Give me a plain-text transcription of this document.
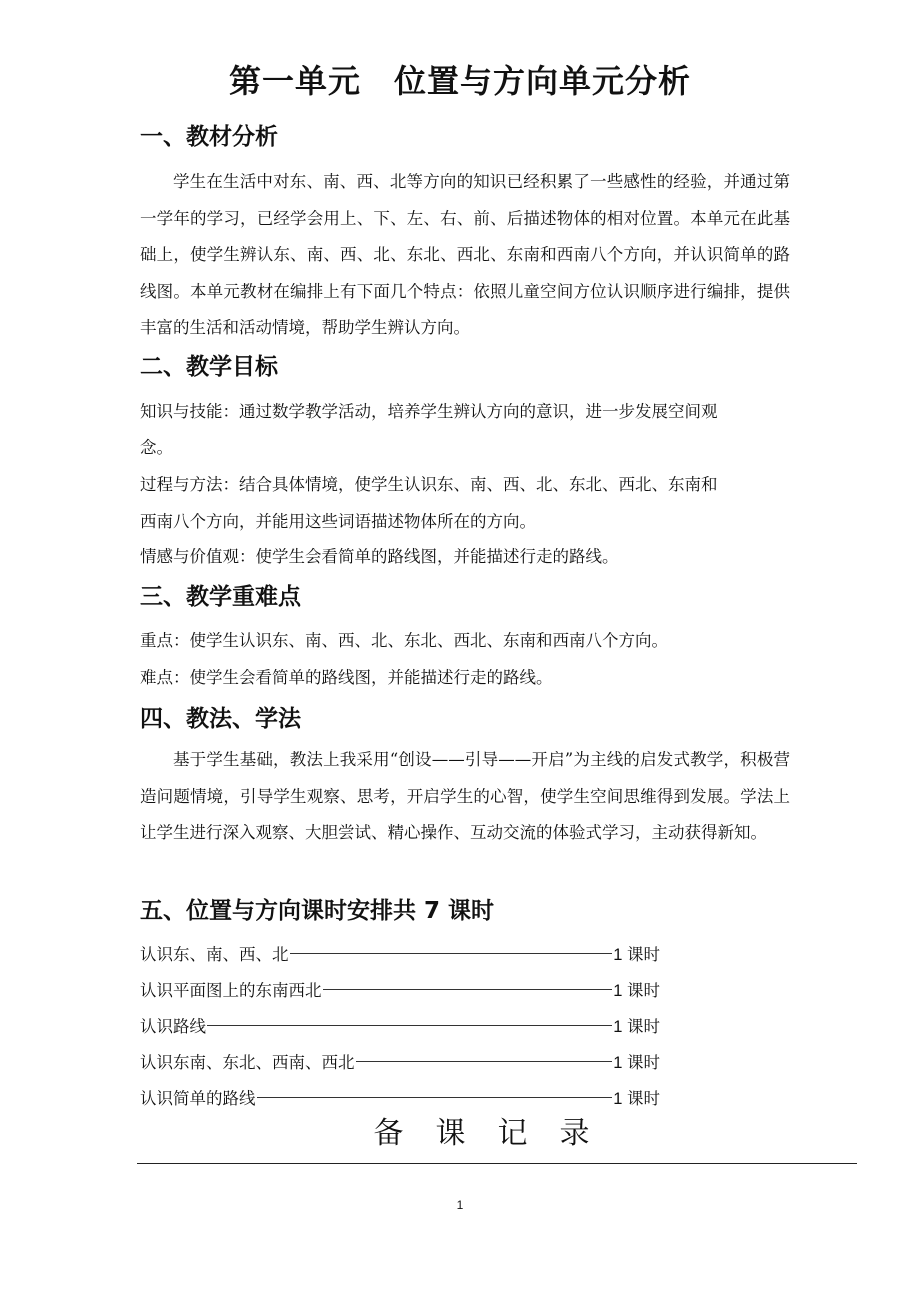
第一单元　位置与方向单元分析
一、教材分析
学生在生活中对东、南、西、北等方向的知识已经积累了一些感性的经验，并通过第一学年的学习，已经学会用上、下、左、右、前、后描述物体的相对位置。本单元在此基础上，使学生辨认东、南、西、北、东北、西北、东南和西南八个方向，并认识简单的路线图。本单元教材在编排上有下面几个特点：依照儿童空间方位认识顺序进行编排，提供丰富的生活和活动情境，帮助学生辨认方向。
二、教学目标
知识与技能：通过数学教学活动，培养学生辨认方向的意识，进一步发展空间观
念。
过程与方法：结合具体情境，使学生认识东、南、西、北、东北、西北、东南和
西南八个方向，并能用这些词语描述物体所在的方向。
情感与价值观：使学生会看简单的路线图，并能描述行走的路线。
三、教学重难点
重点：使学生认识东、南、西、北、东北、西北、东南和西南八个方向。
难点：使学生会看简单的路线图，并能描述行走的路线。
四、教法、学法
基于学生基础，教法上我采用“创设——引导——开启”为主线的启发式教学，积极营造问题情境，引导学生观察、思考，开启学生的心智，使学生空间思维得到发展。学法上让学生进行深入观察、大胆尝试、精心操作、互动交流的体验式学习，主动获得新知。
五、位置与方向课时安排共 7 课时
认识东、南、西、北	1 课时
认识平面图上的东南西北	1 课时
认识路线	1 课时
认识东南、东北、西南、西北	1 课时
认识简单的路线	1 课时
备课记录
1
